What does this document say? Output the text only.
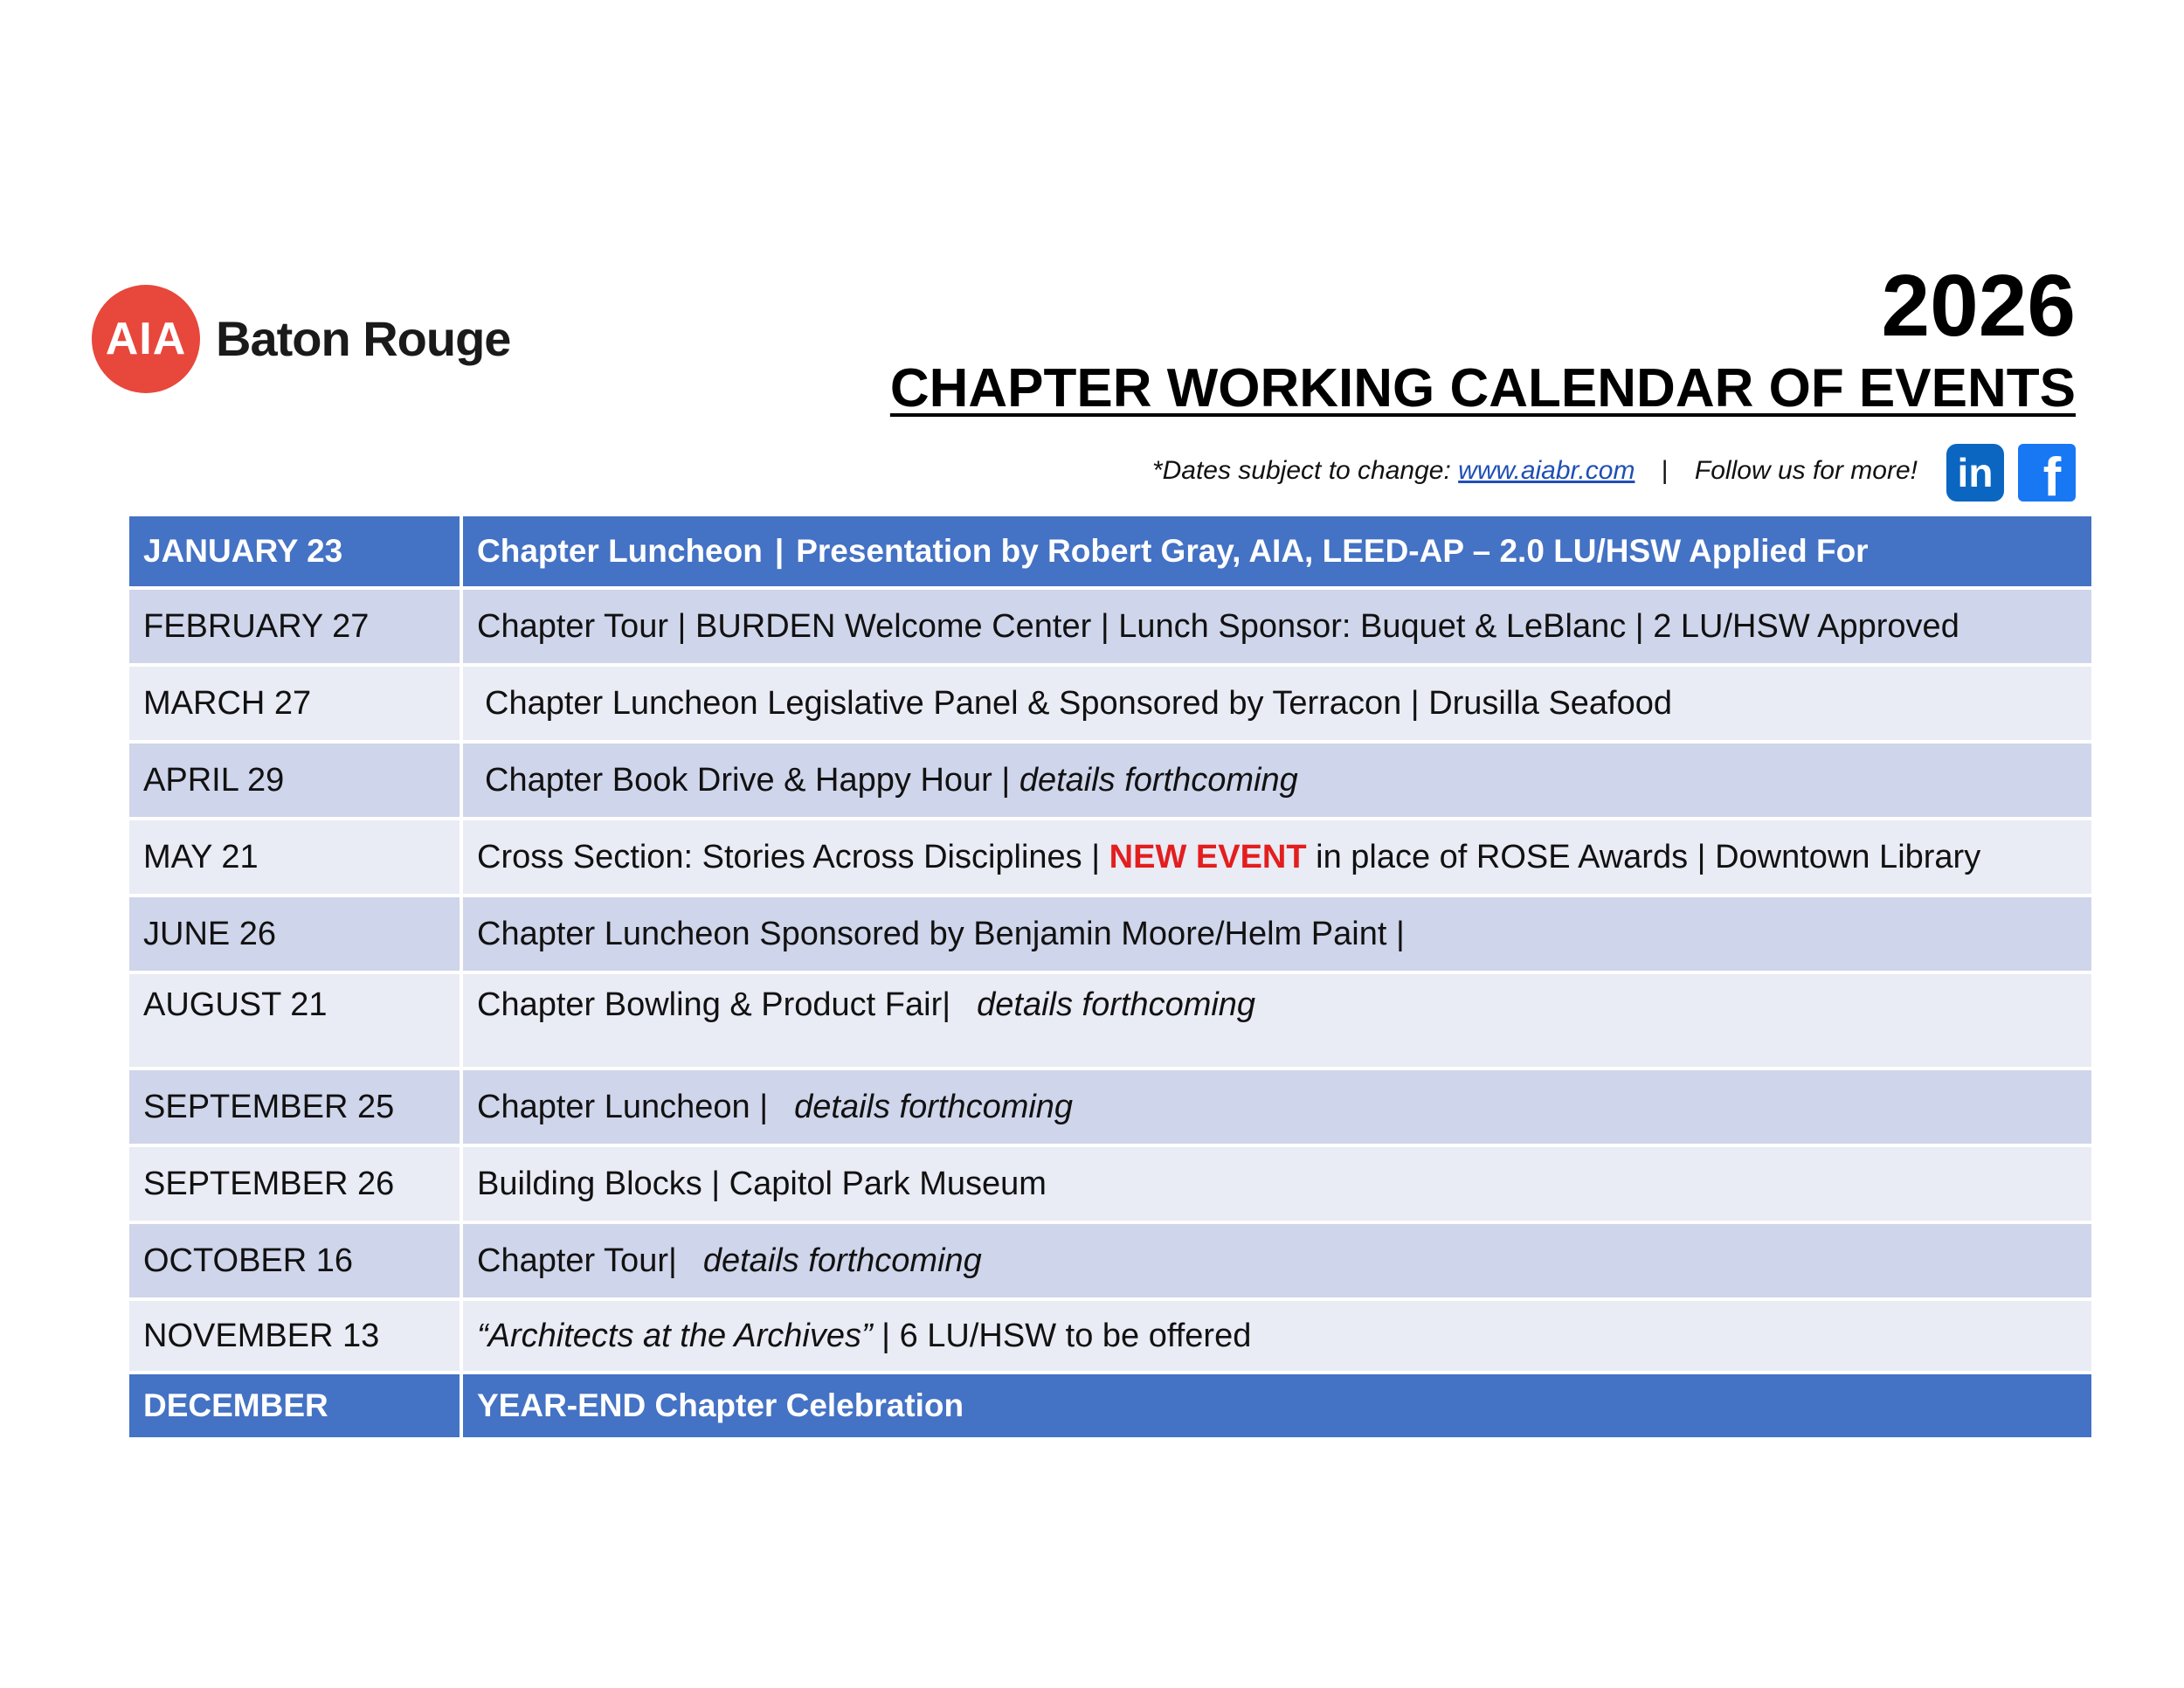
AIA Baton Rouge	2026
CHAPTER WORKING CALENDAR OF EVENTS
*Dates subject to change: www.aiabr.com | Follow us for more! in f
JANUARY 23	Chapter Luncheon | Presentation by Robert Gray, AIA, LEED-AP – 2.0 LU/HSW Applied For
FEBRUARY 27	Chapter Tour | BURDEN Welcome Center | Lunch Sponsor: Buquet & LeBlanc | 2 LU/HSW Approved
MARCH 27	Chapter Luncheon Legislative Panel & Sponsored by Terracon | Drusilla Seafood
APRIL 29	Chapter Book Drive & Happy Hour | details forthcoming
MAY 21	Cross Section: Stories Across Disciplines | NEW EVENT in place of ROSE Awards | Downtown Library
JUNE 26	Chapter Luncheon Sponsored by Benjamin Moore/Helm Paint |
AUGUST 21	Chapter Bowling & Product Fair| details forthcoming
SEPTEMBER 25	Chapter Luncheon | details forthcoming
SEPTEMBER 26	Building Blocks | Capitol Park Museum
OCTOBER 16	Chapter Tour| details forthcoming
NOVEMBER 13	“Architects at the Archives” | 6 LU/HSW to be offered
DECEMBER	YEAR-END Chapter Celebration
